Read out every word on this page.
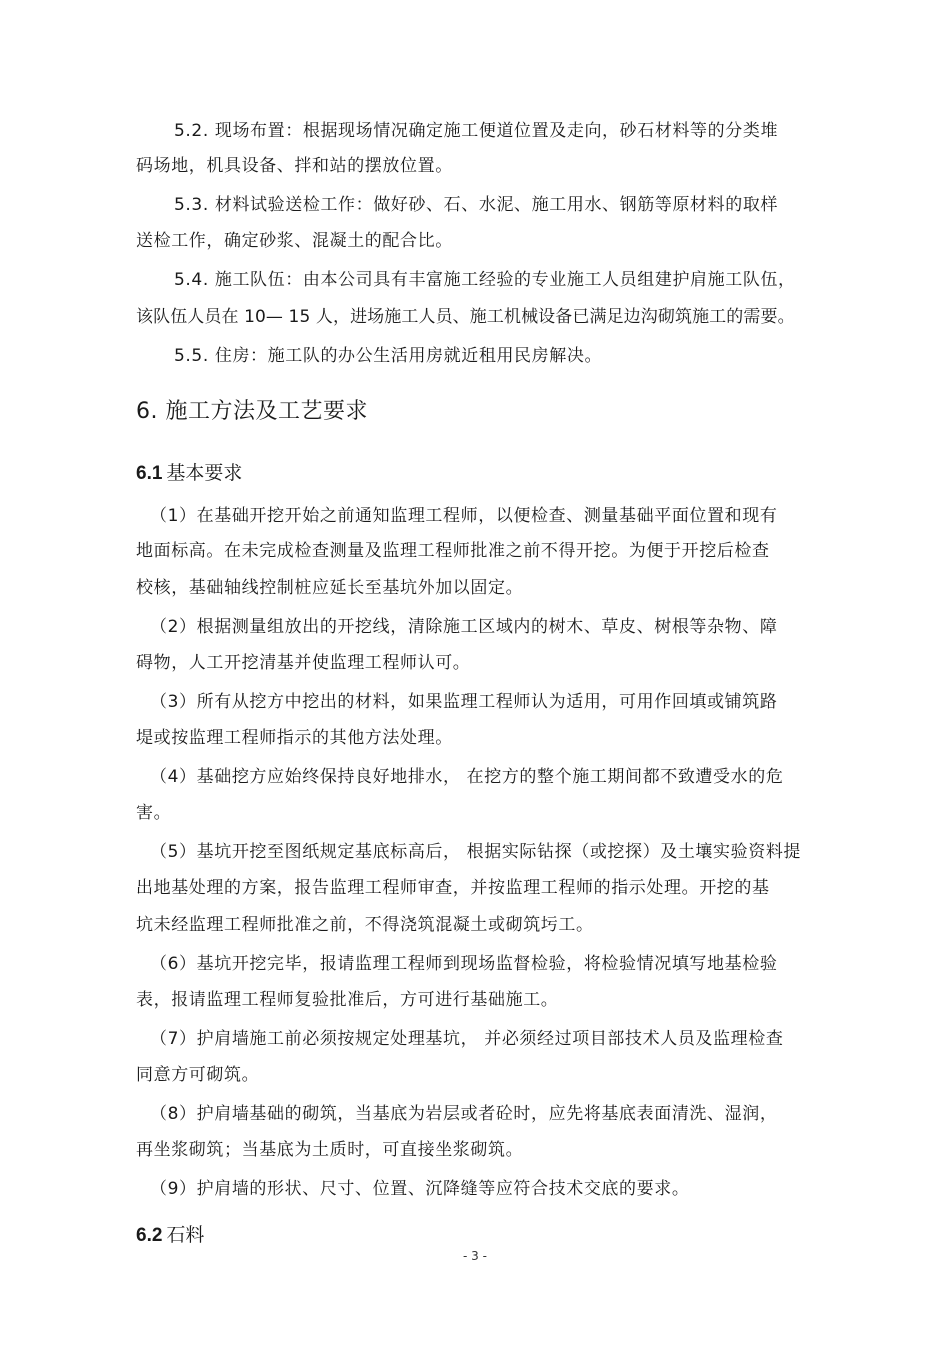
5.2. 现场布置：根据现场情况确定施工便道位置及走向，砂石材料等的分类堆
码场地，机具设备、拌和站的摆放位置。
5.3. 材料试验送检工作：做好砂、石、水泥、施工用水、钢筋等原材料的取样
送检工作，确定砂浆、混凝土的配合比。
5.4. 施工队伍：由本公司具有丰富施工经验的专业施工人员组建护肩施工队伍，
该队伍人员在 10— 15 人，进场施工人员、施工机械设备已满足边沟砌筑施工的需要。
5.5. 住房：施工队的办公生活用房就近租用民房解决。
6. 施工方法及工艺要求
6.1 基本要求
（1）在基础开挖开始之前通知监理工程师，以便检查、测量基础平面位置和现有
地面标高。在未完成检查测量及监理工程师批准之前不得开挖。为便于开挖后检查
校核，基础轴线控制桩应延长至基坑外加以固定。
（2）根据测量组放出的开挖线，清除施工区域内的树木、草皮、树根等杂物、障
碍物，人工开挖清基并使监理工程师认可。
（3）所有从挖方中挖出的材料，如果监理工程师认为适用，可用作回填或铺筑路
堤或按监理工程师指示的其他方法处理。
（4）基础挖方应始终保持良好地排水， 在挖方的整个施工期间都不致遭受水的危
害。
（5）基坑开挖至图纸规定基底标高后， 根据实际钻探（或挖探）及土壤实验资料提
出地基处理的方案，报告监理工程师审查，并按监理工程师的指示处理。开挖的基
坑未经监理工程师批准之前，不得浇筑混凝土或砌筑圬工。
（6）基坑开挖完毕，报请监理工程师到现场监督检验，将检验情况填写地基检验
表，报请监理工程师复验批准后，方可进行基础施工。
（7）护肩墙施工前必须按规定处理基坑， 并必须经过项目部技术人员及监理检查
同意方可砌筑。
（8）护肩墙基础的砌筑，当基底为岩层或者砼时，应先将基底表面清洗、湿润，
再坐浆砌筑；当基底为土质时，可直接坐浆砌筑。
（9）护肩墙的形状、尺寸、位置、沉降缝等应符合技术交底的要求。
6.2 石料
- 3 -
